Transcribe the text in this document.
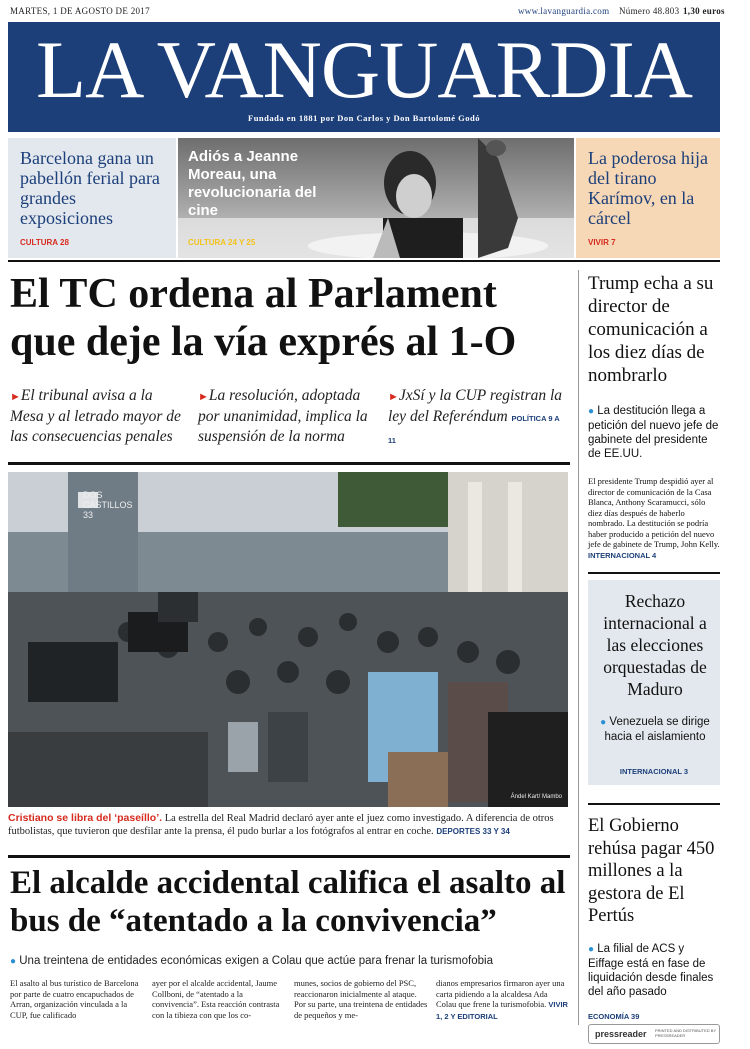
MARTES, 1 DE AGOSTO DE 2017	www.lavanguardia.com Número 48.803 1,30 euros
LA VANGUARDIA
Fundada en 1881 por Don Carlos y Don Bartolomé Godó
Barcelona gana un pabellón ferial para grandes exposiciones
CULTURA 28
Adiós a Jeanne Moreau, una revolucionaria del cine
CULTURA 24 Y 25
La poderosa hija del tirano Karímov, en la cárcel
VIVIR 7
El TC ordena al Parlament que deje la vía exprés al 1-O
►El tribunal avisa a la Mesa y al letrado mayor de las consecuencias penales
►La resolución, adoptada por unanimidad, implica la suspensión de la norma
►JxSí y la CUP registran la ley del Referéndum POLÍTICA 9 A 11
DOS CASTILLOS 33
Ándel Kart/ Mambo
Cristiano se libra del ‘paseíllo’. La estrella del Real Madrid declaró ayer ante el juez como investigado. A diferencia de otros futbolistas, que tuvieron que desfilar ante la prensa, él pudo burlar a los fotógrafos al entrar en coche. DEPORTES 33 Y 34
El alcalde accidental califica el asalto al bus de “atentado a la convivencia”
● Una treintena de entidades económicas exigen a Colau que actúe para frenar la turismofobia
El asalto al bus turístico de Barcelona por parte de cuatro encapuchados de Arran, organización vinculada a la CUP, fue calificado
ayer por el alcalde accidental, Jaume Collboni, de “atentado a la convivencia”. Esta reacción contrasta con la tibieza con que los co-
munes, socios de gobierno del PSC, reaccionaron inicialmente al ataque. Por su parte, una treintena de entidades de pequeños y me-
dianos empresarios firmaron ayer una carta pidiendo a la alcaldesa Ada Colau que frene la turismofobia. VIVIR 1, 2 Y EDITORIAL
Trump echa a su director de comunicación a los diez días de nombrarlo
● La destitución llega a petición del nuevo jefe de gabinete del presidente de EE.UU.
El presidente Trump despidió ayer al director de comunicación de la Casa Blanca, Anthony Scaramucci, sólo diez días después de haberlo nombrado. La destitución se podría haber producido a petición del nuevo jefe de gabinete de Trump, John Kelly. INTERNACIONAL 4
Rechazo internacional a las elecciones orquestadas de Maduro
● Venezuela se dirige hacia el aislamiento
INTERNACIONAL 3
El Gobierno rehúsa pagar 450 millones a la gestora de El Pertús
● La filial de ACS y Eiffage está en fase de liquidación desde finales del año pasado
ECONOMÍA 39
pressreader PRINTED AND DISTRIBUTED BY PRESSREADER
